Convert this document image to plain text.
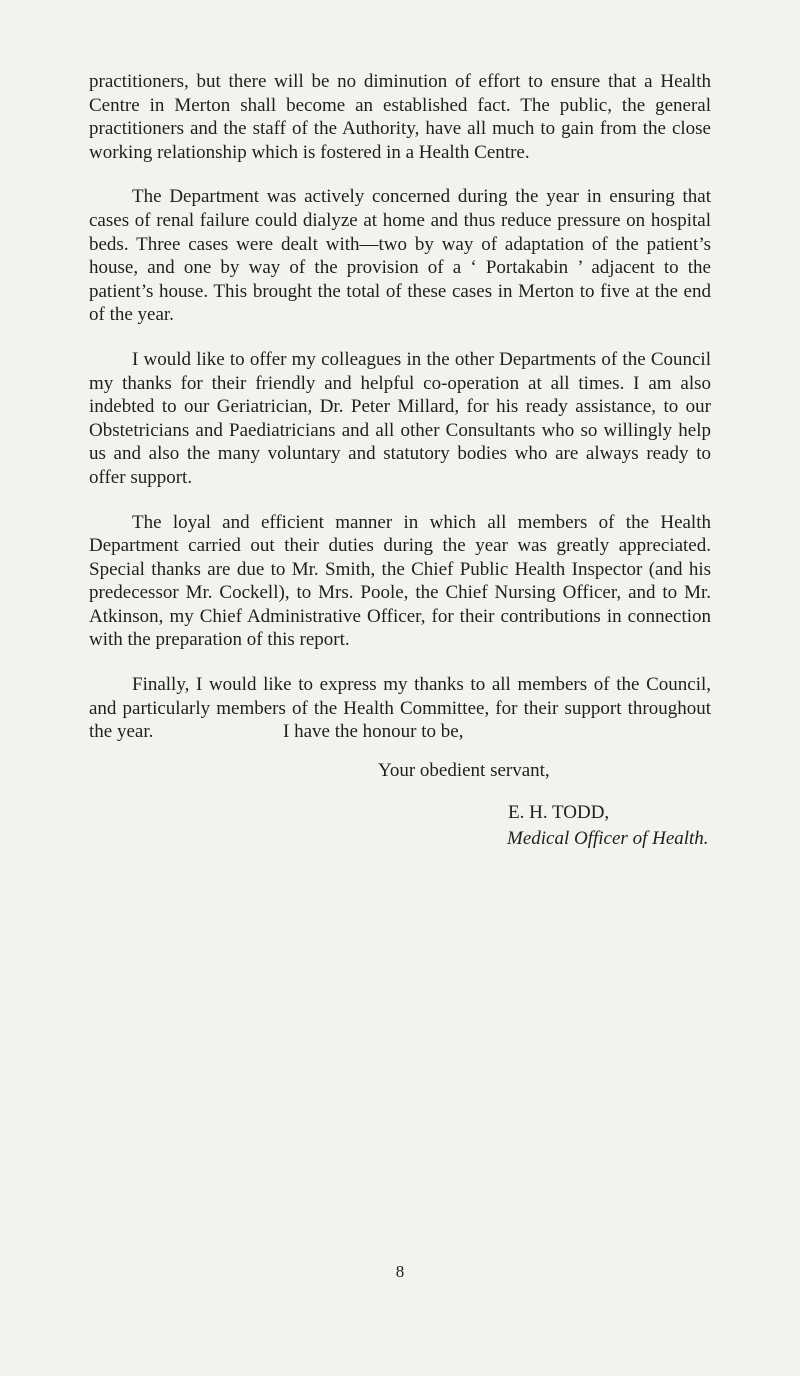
practitioners, but there will be no diminution of effort to ensure that a Health Centre in Merton shall become an established fact. The public, the general practitioners and the staff of the Authority, have all much to gain from the close working relationship which is fostered in a Health Centre.

The Department was actively concerned during the year in ensuring that cases of renal failure could dialyze at home and thus reduce pressure on hospital beds. Three cases were dealt with—two by way of adaptation of the patient’s house, and one by way of the provision of a ‘ Portakabin ’ adjacent to the patient’s house. This brought the total of these cases in Merton to five at the end of the year.

I would like to offer my colleagues in the other Departments of the Council my thanks for their friendly and helpful co-operation at all times. I am also indebted to our Geriatrician, Dr. Peter Millard, for his ready assistance, to our Obstetricians and Paediatricians and all other Consultants who so willingly help us and also the many voluntary and statutory bodies who are always ready to offer support.

The loyal and efficient manner in which all members of the Health Department carried out their duties during the year was greatly appreciated. Special thanks are due to Mr. Smith, the Chief Public Health Inspector (and his predecessor Mr. Cockell), to Mrs. Poole, the Chief Nursing Officer, and to Mr. Atkinson, my Chief Administrative Officer, for their contributions in connection with the preparation of this report.

Finally, I would like to express my thanks to all members of the Council, and particularly members of the Health Committee, for their support throughout the year.	I have the honour to be,
Your obedient servant,
E. H. TODD,
Medical Officer of Health.
8
